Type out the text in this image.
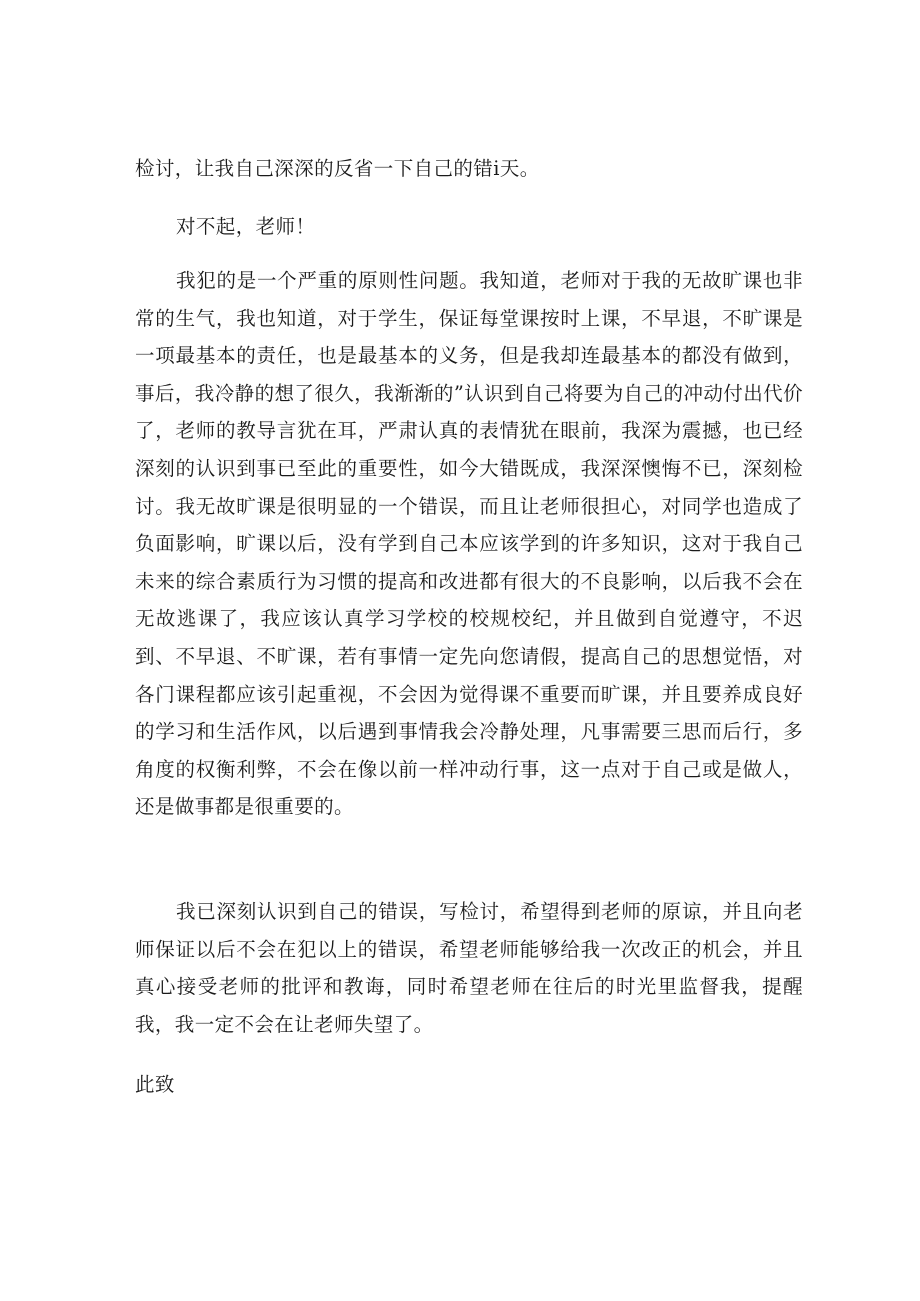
检讨，让我自己深深的反省一下自己的错i天。

对不起，老师！

我犯的是一个严重的原则性问题。我知道，老师对于我的无故旷课也非常的生气，我也知道，对于学生，保证每堂课按时上课，不早退，不旷课是一项最基本的责任，也是最基本的义务，但是我却连最基本的都没有做到，事后，我冷静的想了很久，我渐渐的”认识到自己将要为自己的冲动付出代价了，老师的教导言犹在耳，严肃认真的表情犹在眼前，我深为震撼，也已经深刻的认识到事已至此的重要性，如今大错既成，我深深懊悔不已，深刻检讨。我无故旷课是很明显的一个错误，而且让老师很担心，对同学也造成了负面影响，旷课以后，没有学到自己本应该学到的许多知识，这对于我自己未来的综合素质行为习惯的提高和改进都有很大的不良影响，以后我不会在无故逃课了，我应该认真学习学校的校规校纪，并且做到自觉遵守，不迟到、不早退、不旷课，若有事情一定先向您请假，提高自己的思想觉悟，对各门课程都应该引起重视，不会因为觉得课不重要而旷课，并且要养成良好的学习和生活作风，以后遇到事情我会冷静处理，凡事需要三思而后行，多角度的权衡利弊，不会在像以前一样冲动行事，这一点对于自己或是做人，还是做事都是很重要的。

我已深刻认识到自己的错误，写检讨，希望得到老师的原谅，并且向老师保证以后不会在犯以上的错误，希望老师能够给我一次改正的机会，并且真心接受老师的批评和教诲，同时希望老师在往后的时光里监督我，提醒我，我一定不会在让老师失望了。

此致
